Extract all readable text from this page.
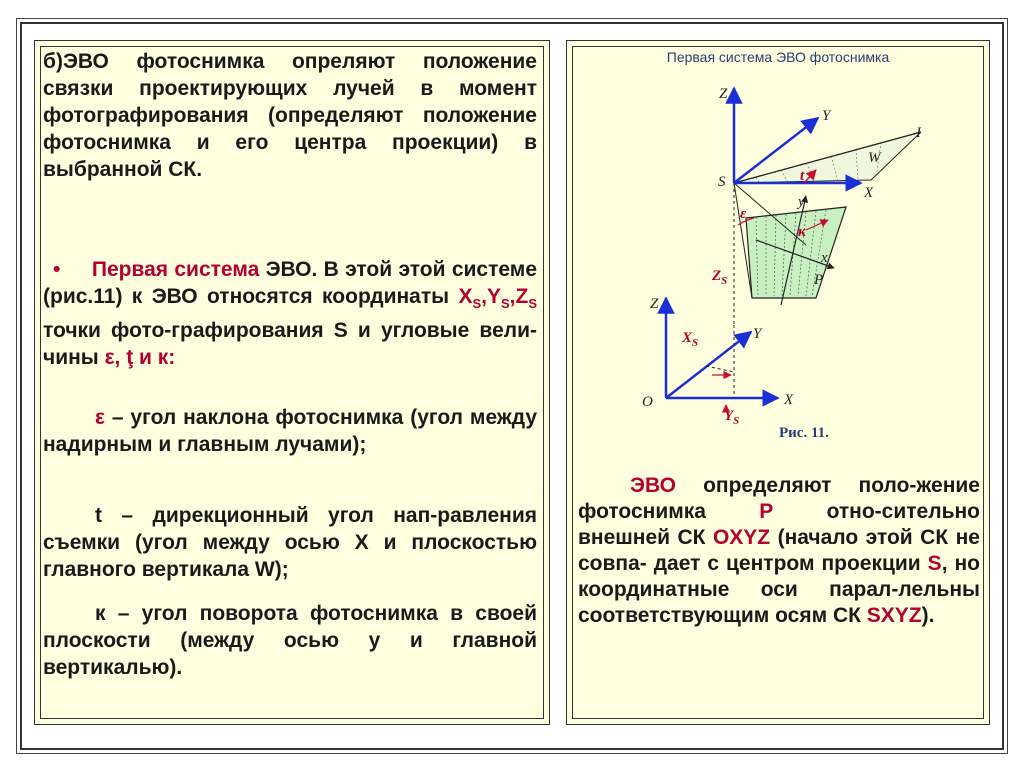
б)ЭВО фотоснимка опреляют положение связки проектирующих лучей в момент фотографирования (определяют положение фотоснимка и его центра проекции) в выбранной СК.

• Первая система ЭВО. В этой этой системе (рис.11) к ЭВО относятся координаты $X_S,Y_S,Z_S$ точки фото-графирования S и угловые вели-чины ε, ţ и к:

ε – угол наклона фотоснимка (угол между надирным и главным лучами);

t – дирекционный угол нап-равления съемки (угол между осью X и плоскостью главного вертикала W);

к – угол поворота фотоснимка в своей плоскости (между осью у и главной вертикалью).

Первая система ЭВО фотоснимка
Z
Y
X
S
I
W
t
ε
y
x
к
P
$Z_S$
Z
Y
X
O
$X_S$
$Y_S$
Рис. 11.

ЭВО определяют поло-жение фотоснимка Р отно-сительно внешней СК OXYZ (начало этой СК не совпа- дает с центром проекции S, но координатные оси парал-лельны соответствующим осям СК SXYZ).
